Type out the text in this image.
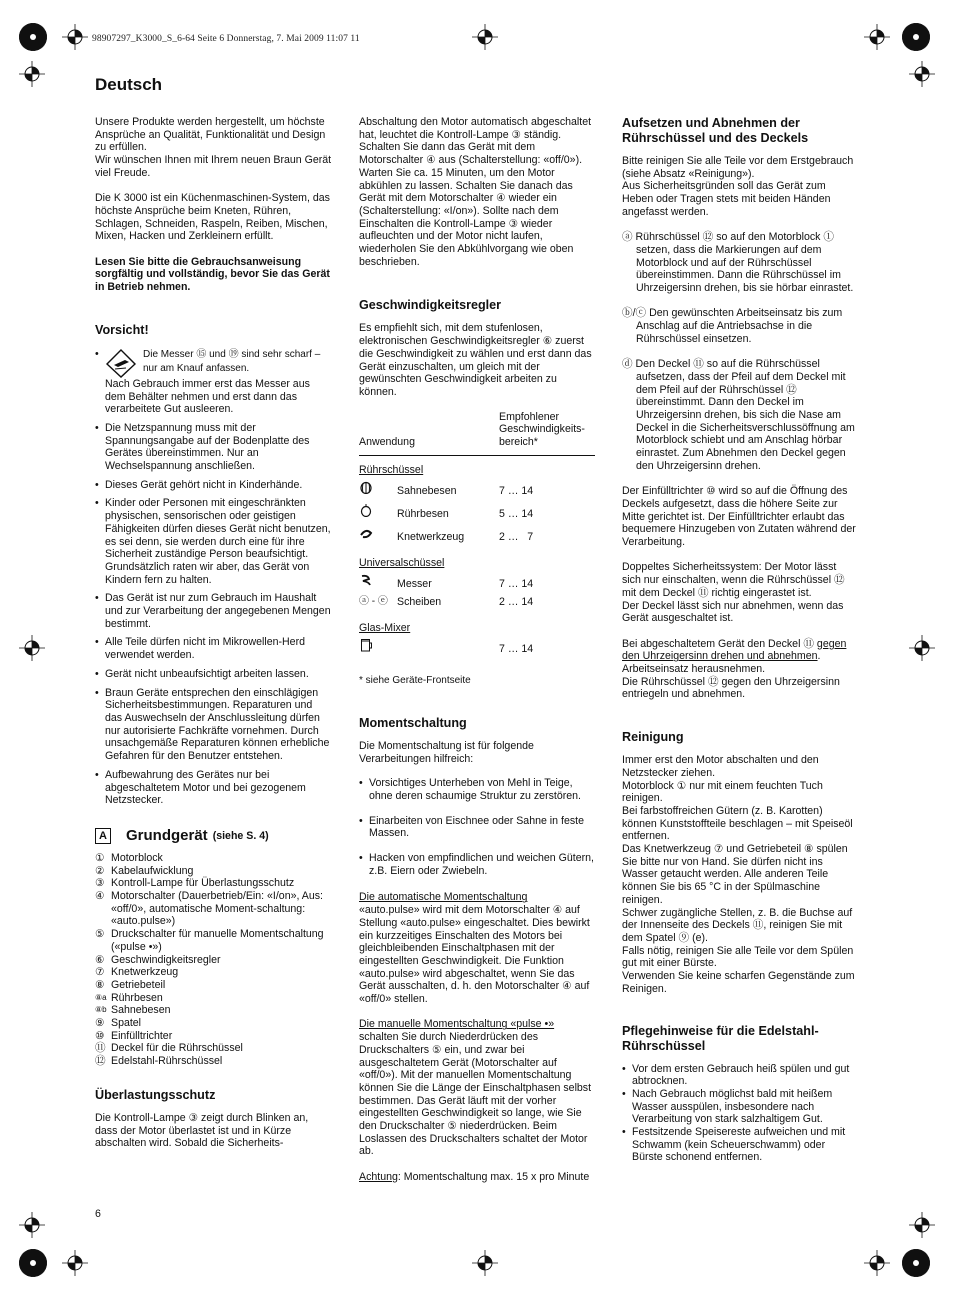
98907297_K3000_S_6-64 Seite 6 Donnerstag, 7. Mai 2009 11:07 11
Deutsch

Unsere Produkte werden hergestellt, um höchste Ansprüche an Qualität, Funktionalität und Design zu erfüllen.

Wir wünschen Ihnen mit Ihrem neuen Braun Gerät viel Freude.

Die K 3000 ist ein Küchenmaschinen-System, das höchste Ansprüche beim Kneten, Rühren, Schlagen, Schneiden, Raspeln, Reiben, Mischen, Mixen, Hacken und Zerkleinern erfüllt.

Lesen Sie bitte die Gebrauchsanweisung sorgfältig und vollständig, bevor Sie das Gerät in Betrieb nehmen.

Vorsicht!

• Die Messer ⑮ und ⑲ sind sehr scharf – nur am Knauf anfassen.
Nach Gebrauch immer erst das Messer aus dem Behälter nehmen und erst dann das verarbeitete Gut ausleeren.

• Die Netzspannung muss mit der Spannungsangabe auf der Bodenplatte des Gerätes übereinstimmen. Nur an Wechselspannung anschließen.

• Dieses Gerät gehört nicht in Kinderhände.

• Kinder oder Personen mit eingeschränkten physischen, sensorischen oder geistigen Fähigkeiten dürfen dieses Gerät nicht benutzen, es sei denn, sie werden durch eine für ihre Sicherheit zuständige Person beaufsichtigt. Grundsätzlich raten wir aber, das Gerät von Kindern fern zu halten.

• Das Gerät ist nur zum Gebrauch im Haushalt und zur Verarbeitung der angegebenen Mengen bestimmt.

• Alle Teile dürfen nicht im Mikrowellen-Herd verwendet werden.

• Gerät nicht unbeaufsichtigt arbeiten lassen.

• Braun Geräte entsprechen den einschlägigen Sicherheitsbestimmungen. Reparaturen und das Auswechseln der Anschlussleitung dürfen nur autorisierte Fachkräfte vornehmen. Durch unsachgemäße Reparaturen können erhebliche Gefahren für den Benutzer entstehen.

• Aufbewahrung des Gerätes nur bei abgeschaltetem Motor und bei gezogenem Netzstecker.

A Grundgerät (siehe S. 4)
① Motorblock
② Kabelaufwicklung
③ Kontroll-Lampe für Überlastungsschutz
④ Motorschalter (Dauerbetrieb/Ein: «I/on», Aus: «off/0», automatische Moment-schaltung: «auto.pulse»)
⑤ Druckschalter für manuelle Momentschaltung («pulse •»)
⑥ Geschwindigkeitsregler
⑦ Knetwerkzeug
⑧ Getriebeteil
⑧a Rührbesen
⑧b Sahnebesen
⑨ Spatel
⑩ Einfülltrichter
⑪ Deckel für die Rührschüssel
⑫ Edelstahl-Rührschüssel

Überlastungsschutz

Die Kontroll-Lampe ③ zeigt durch Blinken an, dass der Motor überlastet ist und in Kürze abschalten wird. Sobald die Sicherheits-

Abschaltung den Motor automatisch abgeschaltet hat, leuchtet die Kontroll-Lampe ③ ständig. Schalten Sie dann das Gerät mit dem Motorschalter ④ aus (Schalterstellung: «off/0»). Warten Sie ca. 15 Minuten, um den Motor abkühlen zu lassen. Schalten Sie danach das Gerät mit dem Motorschalter ④ wieder ein (Schalterstellung: «I/on»). Sollte nach dem Einschalten die Kontroll-Lampe ③ wieder aufleuchten und der Motor nicht laufen, wiederholen Sie den Abkühlvorgang wie oben beschrieben.

Geschwindigkeitsregler

Es empfiehlt sich, mit dem stufenlosen, elektronischen Geschwindigkeitsregler ⑥ zuerst die Geschwindigkeit zu wählen und erst dann das Gerät einzuschalten, um gleich mit der gewünschten Geschwindigkeit arbeiten zu können.

Anwendung		Empfohlener Geschwindigkeits-bereich*
Rührschüssel		
	Sahnebesen	7 … 14
	Rührbesen	5 … 14
	Knetwerkzeug	2 …   7
Universalschüssel		
	Messer	7 … 14
ⓐ - ⓔ	Scheiben	2 … 14
Glas-Mixer		
		7 … 14

* siehe Geräte-Frontseite

Momentschaltung

Die Momentschaltung ist für folgende Verarbeitungen hilfreich:

• Vorsichtiges Unterheben von Mehl in Teige, ohne deren schaumige Struktur zu zerstören.

• Einarbeiten von Eischnee oder Sahne in feste Massen.

• Hacken von empfindlichen und weichen Gütern, z.B. Eiern oder Zwiebeln.

Die automatische Momentschaltung

«auto.pulse» wird mit dem Motorschalter ④ auf Stellung «auto.pulse» eingeschaltet. Dies bewirkt ein kurzzeitiges Einschalten des Motors bei gleichbleibenden Einschaltphasen mit der eingestellten Geschwindigkeit. Die Funktion «auto.pulse» wird abgeschaltet, wenn Sie das Gerät ausschalten, d. h. den Motorschalter ④ auf «off/0» stellen.

Die manuelle Momentschaltung «pulse •»

schalten Sie durch Niederdrücken des Druckschalters ⑤ ein, und zwar bei ausgeschaltetem Gerät (Motorschalter auf «off/0»). Mit der manuellen Momentschaltung können Sie die Länge der Einschaltphasen selbst bestimmen. Das Gerät läuft mit der vorher eingestellten Geschwindigkeit so lange, wie Sie den Druckschalter ⑤ niederdrücken. Beim Loslassen des Druckschalters schaltet der Motor ab.

Achtung: Momentschaltung max. 15 x pro Minute

Aufsetzen und Abnehmen der Rührschüssel und des Deckels

Bitte reinigen Sie alle Teile vor dem Erstgebrauch (siehe Absatz «Reinigung»).

Aus Sicherheitsgründen soll das Gerät zum Heben oder Tragen stets mit beiden Händen angefasst werden.

ⓐ Rührschüssel ⑫ so auf den Motorblock ① setzen, dass die Markierungen auf dem Motorblock und auf der Rührschüssel übereinstimmen. Dann die Rührschüssel im Uhrzeigersinn drehen, bis sie hörbar einrastet.

ⓑ/ⓒ Den gewünschten Arbeitseinsatz bis zum Anschlag auf die Antriebsachse in die Rührschüssel einsetzen.

ⓓ Den Deckel ⑪ so auf die Rührschüssel aufsetzen, dass der Pfeil auf dem Deckel mit dem Pfeil auf der Rührschüssel ⑫ übereinstimmt. Dann den Deckel im Uhrzeigersinn drehen, bis sich die Nase am Deckel in die Sicherheitsverschlussöffnung am Motorblock schiebt und am Anschlag hörbar einrastet. Zum Abnehmen den Deckel gegen den Uhrzeigersinn drehen.

Der Einfülltrichter ⑩ wird so auf die Öffnung des Deckels aufgesetzt, dass die höhere Seite zur Mitte gerichtet ist. Der Einfülltrichter erlaubt das bequemere Hinzugeben von Zutaten während der Verarbeitung.

Doppeltes Sicherheitssystem: Der Motor lässt sich nur einschalten, wenn die Rührschüssel ⑫ mit dem Deckel ⑪ richtig eingerastet ist.

Der Deckel lässt sich nur abnehmen, wenn das Gerät ausgeschaltet ist.

Bei abgeschaltetem Gerät den Deckel ⑪ gegen den Uhrzeigersinn drehen und abnehmen. Arbeitseinsatz herausnehmen.

Die Rührschüssel ⑫ gegen den Uhrzeigersinn entriegeln und abnehmen.

Reinigung

Immer erst den Motor abschalten und den Netzstecker ziehen.

Motorblock ① nur mit einem feuchten Tuch reinigen.

Bei farbstoffreichen Gütern (z. B. Karotten) können Kunststoffteile beschlagen – mit Speiseöl entfernen.

Das Knetwerkzeug ⑦ und Getriebeteil ⑧ spülen Sie bitte nur von Hand. Sie dürfen nicht ins Wasser getaucht werden. Alle anderen Teile können Sie bis 65 °C in der Spülmaschine reinigen.

Schwer zugängliche Stellen, z. B. die Buchse auf der Innenseite des Deckels ⑪, reinigen Sie mit dem Spatel ⑨ (e).

Falls nötig, reinigen Sie alle Teile vor dem Spülen gut mit einer Bürste.

Verwenden Sie keine scharfen Gegenstände zum Reinigen.

Pflegehinweise für die Edelstahl-Rührschüssel

• Vor dem ersten Gebrauch heiß spülen und gut abtrocknen.

• Nach Gebrauch möglichst bald mit heißem Wasser ausspülen, insbesondere nach Verarbeitung von stark salzhaltigem Gut.

• Festsitzende Speisereste aufweichen und mit Schwamm (kein Scheuerschwamm) oder Bürste schonend entfernen.

6
